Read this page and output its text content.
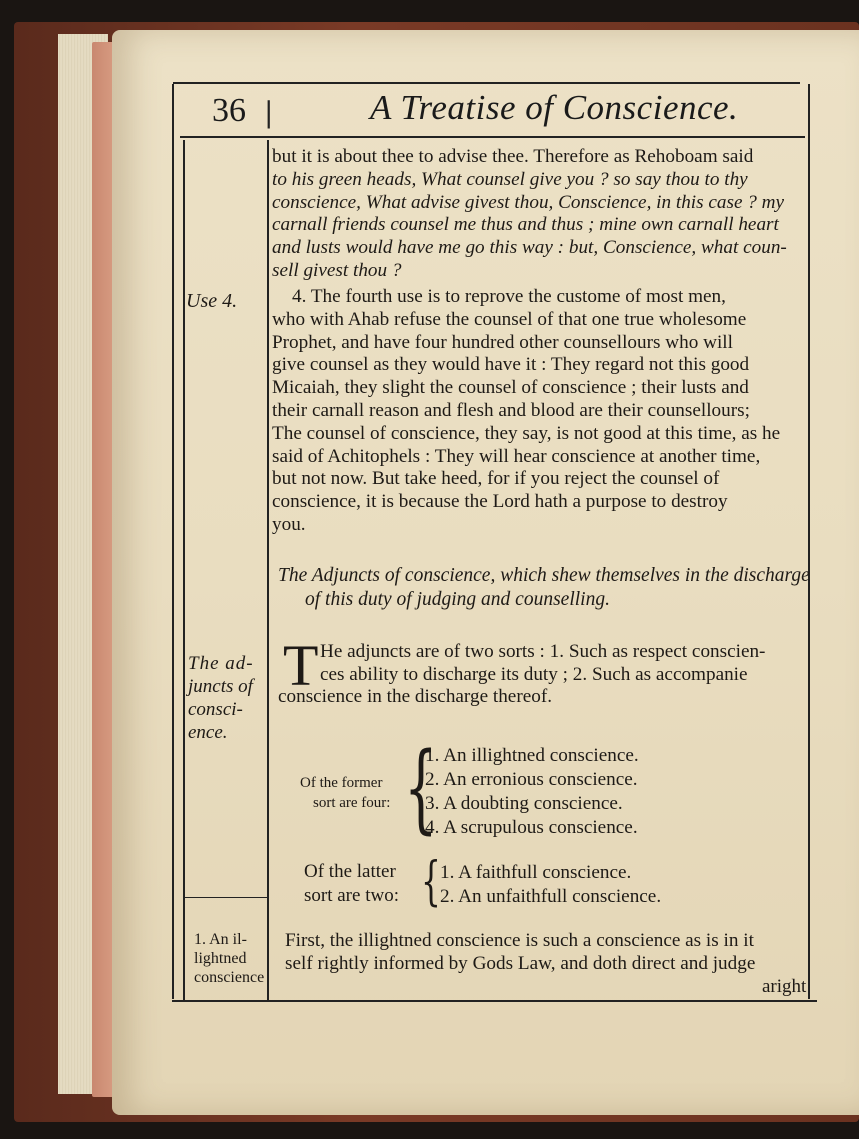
36 |	A Treatise of Conscience.
but it is about thee to advise thee. Therefore as Rehoboam said
to his green heads, What counsel give you ? so say thou to thy
conscience, What advise givest thou, Conscience, in this case ? my
carnall friends counsel me thus and thus ; mine own carnall heart
and lusts would have me go this way : but, Conscience, what coun-
sell givest thou ?
Use 4.	4. The fourth use is to reprove the custome of most men,
who with Ahab refuse the counsel of that one true wholesome
Prophet, and have four hundred other counsellours who will
give counsel as they would have it : They regard not this good
Micaiah, they slight the counsel of conscience ; their lusts and
their carnall reason and flesh and blood are their counsellours;
The counsel of conscience, they say, is not good at this time, as he
said of Achitophels : They will hear conscience at another time,
but not now. But take heed, for if you reject the counsel of
conscience, it is because the Lord hath a purpose to destroy
you.
The Adjuncts of conscience, which shew themselves in the discharge
of this duty of judging and counselling.
The ad-
juncts of
consci-
ence.
T He adjuncts are of two sorts : 1. Such as respect conscien-
ces ability to discharge its duty ; 2. Such as accompanie
conscience in the discharge thereof.
Of the former
sort are four: {
1. An illightned conscience.
2. An erronious conscience.
3. A doubting conscience.
4. A scrupulous conscience.
Of the latter
sort are two: { 1. A faithfull conscience.
2. An unfaithfull conscience.
1. An il-
lightned
conscience
First, the illightned conscience is such a conscience as is in it
self rightly informed by Gods Law, and doth direct and judge
aright
